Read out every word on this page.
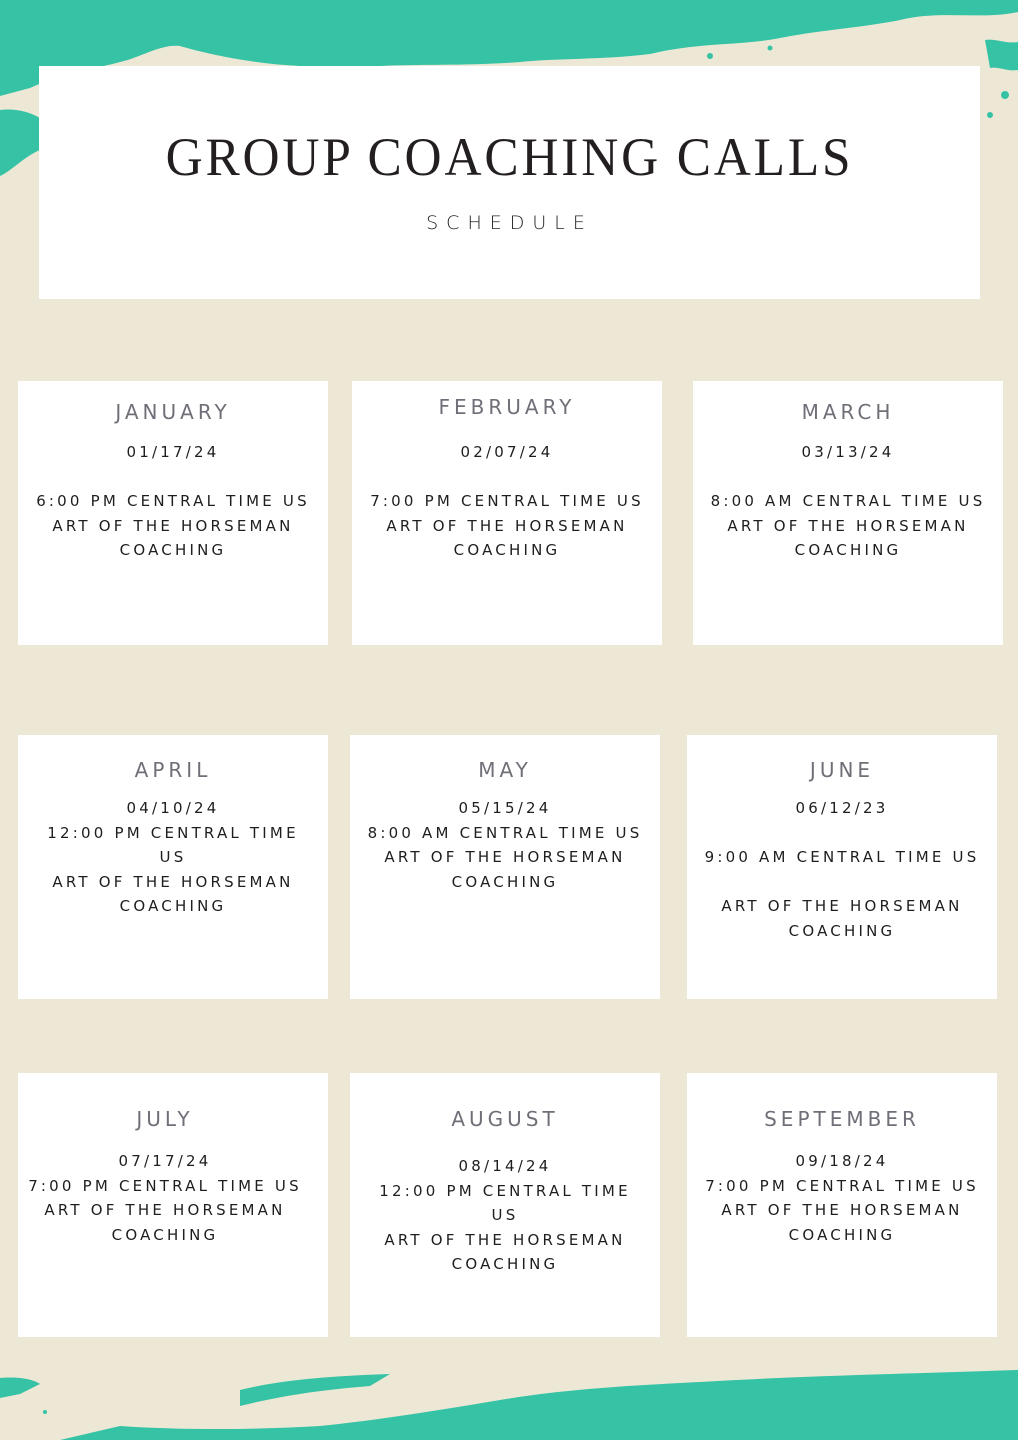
GROUP COACHING CALLS
SCHEDULE
JANUARY
01/17/24
6:00 PM CENTRAL TIME US
ART OF THE HORSEMAN
COACHING
FEBRUARY
02/07/24
7:00 PM CENTRAL TIME US
ART OF THE HORSEMAN
COACHING
MARCH
03/13/24
8:00 AM CENTRAL TIME US
ART OF THE HORSEMAN
COACHING
APRIL
04/10/24
12:00 PM CENTRAL TIME
US
ART OF THE HORSEMAN
COACHING
MAY
05/15/24
8:00 AM CENTRAL TIME US
ART OF THE HORSEMAN
COACHING
JUNE
06/12/23
9:00 AM CENTRAL TIME US
ART OF THE HORSEMAN
COACHING
JULY
07/17/24
7:00 PM CENTRAL TIME US
ART OF THE HORSEMAN
COACHING
AUGUST
08/14/24
12:00 PM CENTRAL TIME
US
ART OF THE HORSEMAN
COACHING
SEPTEMBER
09/18/24
7:00 PM CENTRAL TIME US
ART OF THE HORSEMAN
COACHING
